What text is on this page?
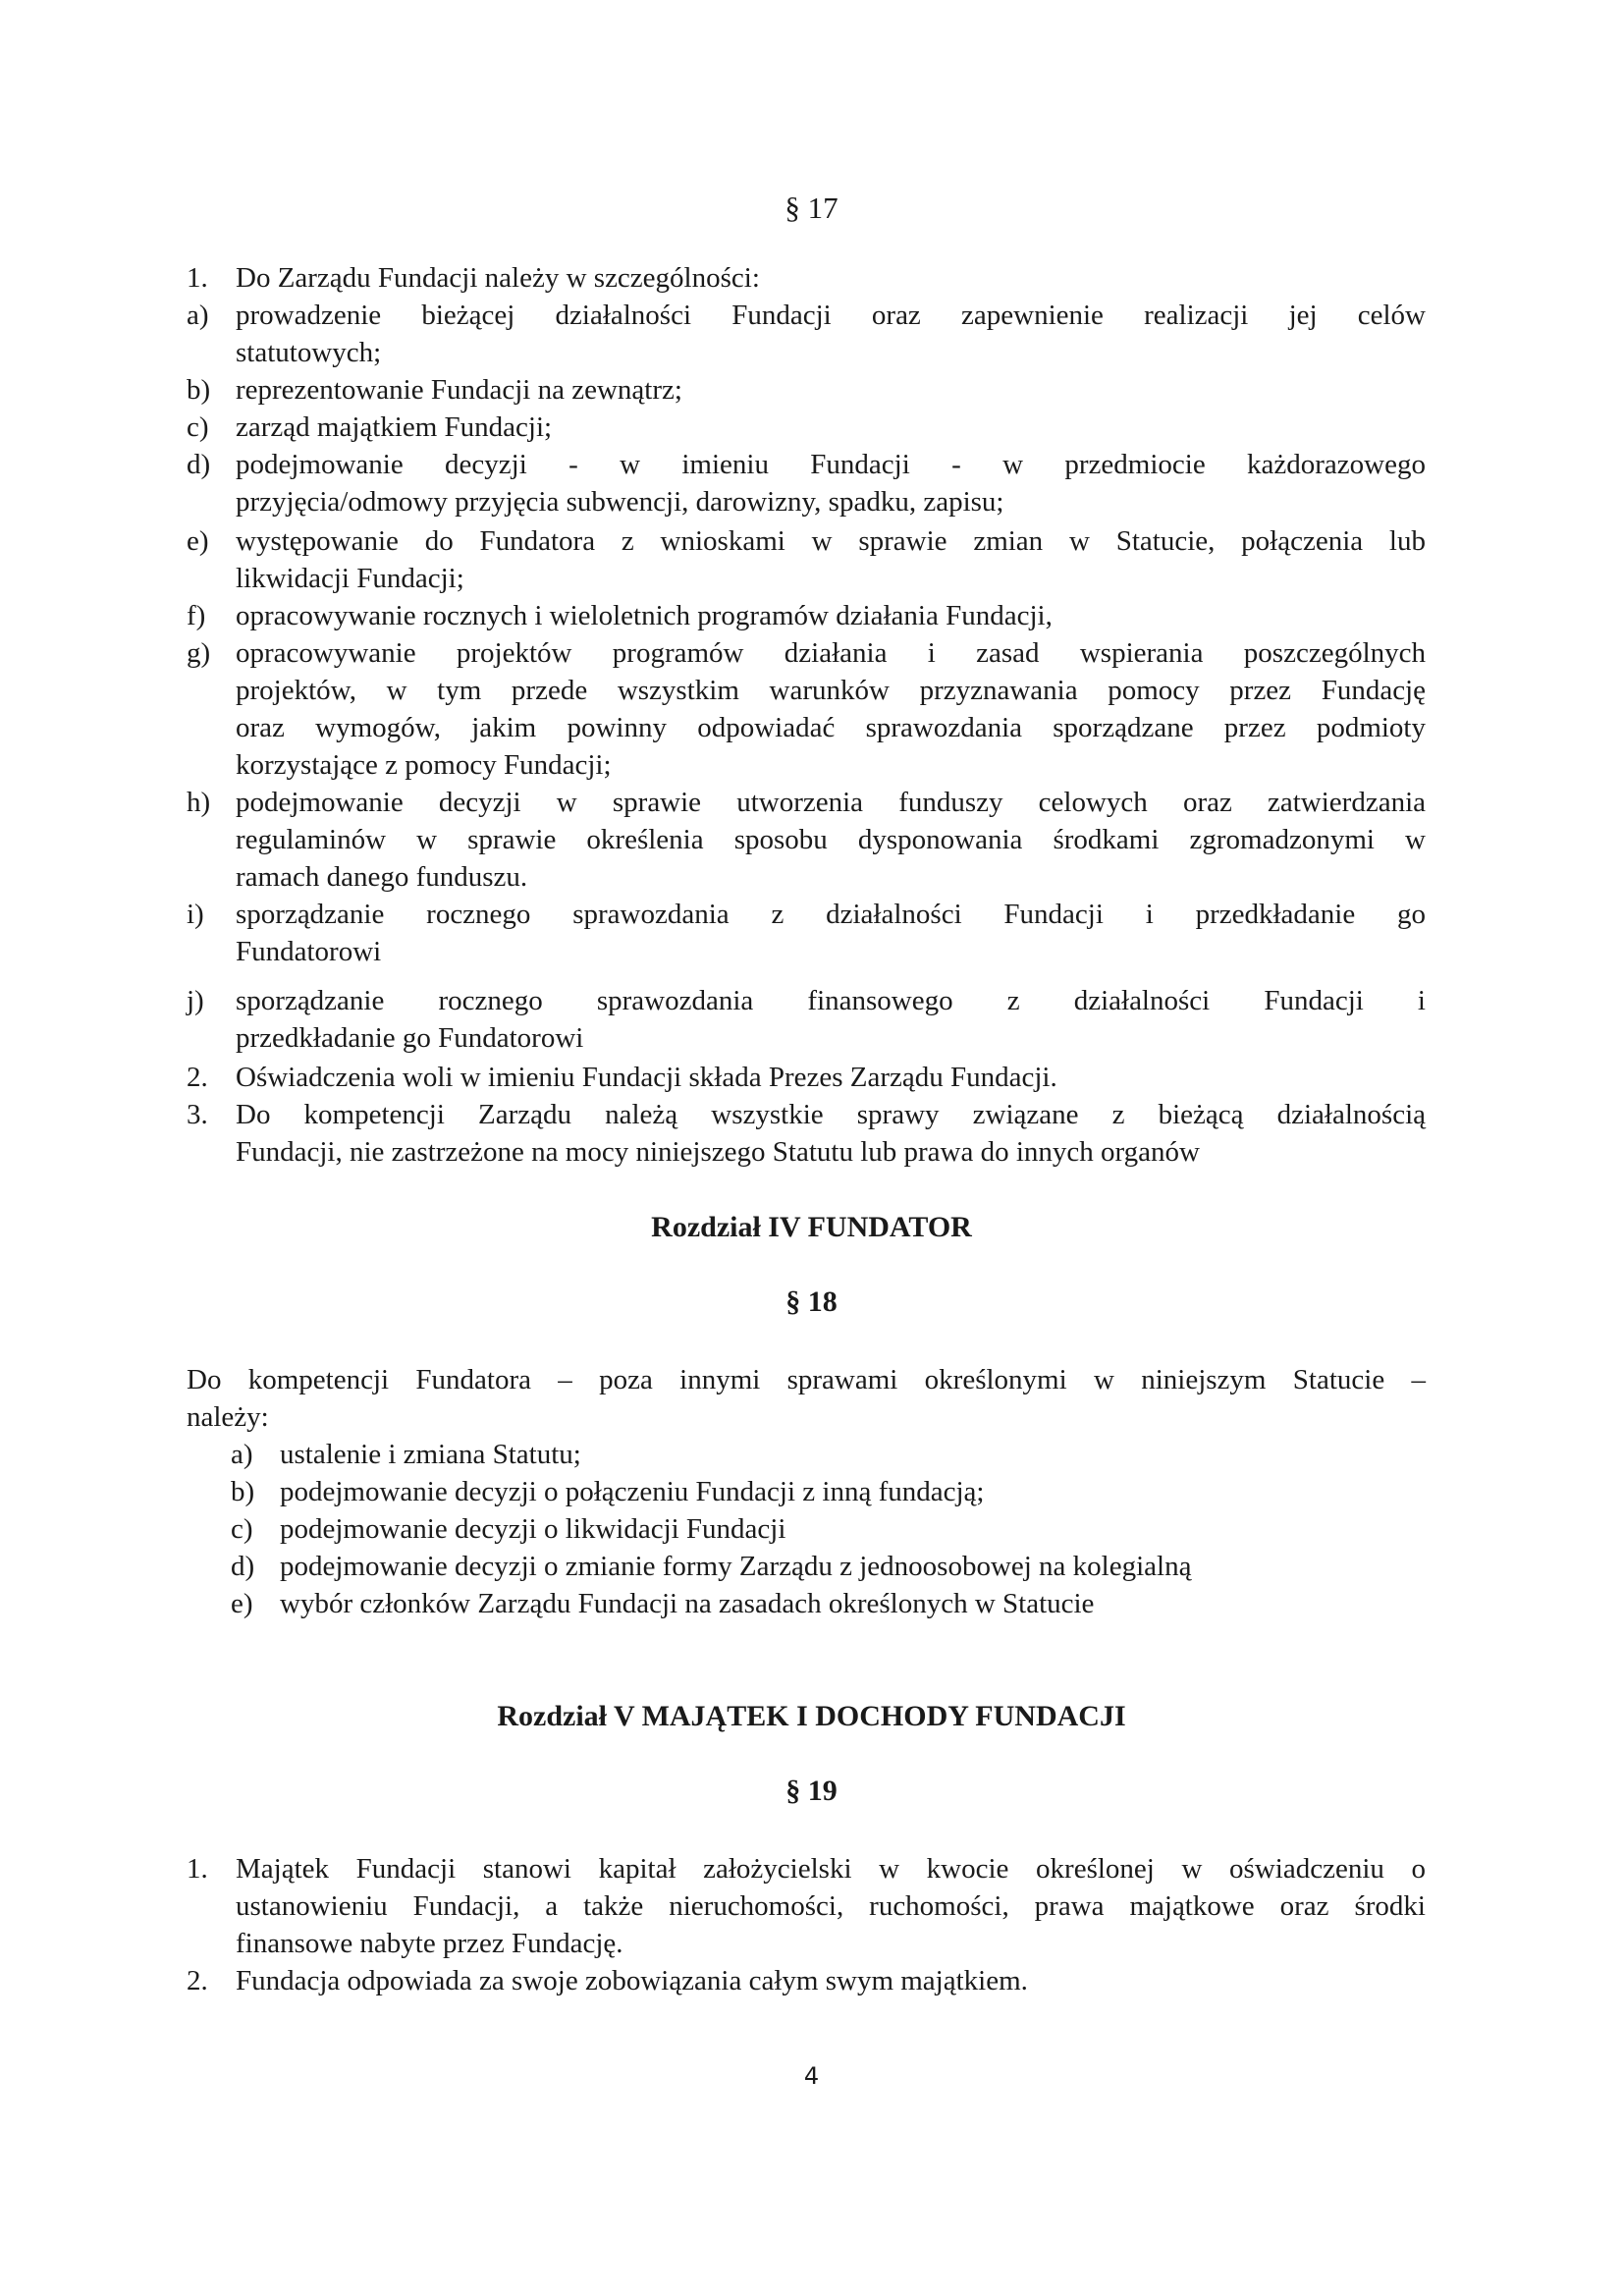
§ 17
1. Do Zarządu Fundacji należy w szczególności:
a) prowadzenie bieżącej działalności Fundacji oraz zapewnienie realizacji jej celów
statutowych;
b) reprezentowanie Fundacji na zewnątrz;
c) zarząd majątkiem Fundacji;
d) podejmowanie decyzji - w imieniu Fundacji - w przedmiocie każdorazowego
przyjęcia/odmowy przyjęcia subwencji, darowizny, spadku, zapisu;
e) występowanie do Fundatora z wnioskami w sprawie zmian w Statucie, połączenia lub
likwidacji Fundacji;
f) opracowywanie rocznych i wieloletnich programów działania Fundacji,
g) opracowywanie projektów programów działania i zasad wspierania poszczególnych
projektów, w tym przede wszystkim warunków przyznawania pomocy przez Fundację
oraz wymogów, jakim powinny odpowiadać sprawozdania sporządzane przez podmioty
korzystające z pomocy Fundacji;
h) podejmowanie decyzji w sprawie utworzenia funduszy celowych oraz zatwierdzania
regulaminów w sprawie określenia sposobu dysponowania środkami zgromadzonymi w
ramach danego funduszu.
i) sporządzanie rocznego sprawozdania z działalności Fundacji i przedkładanie go
Fundatorowi
j) sporządzanie rocznego sprawozdania finansowego z działalności Fundacji i
przedkładanie go Fundatorowi
2. Oświadczenia woli w imieniu Fundacji składa Prezes Zarządu Fundacji.
3. Do kompetencji Zarządu należą wszystkie sprawy związane z bieżącą działalnością
Fundacji, nie zastrzeżone na mocy niniejszego Statutu lub prawa do innych organów
Rozdział IV FUNDATOR
§ 18
Do kompetencji Fundatora – poza innymi sprawami określonymi w niniejszym Statucie –
należy:
a) ustalenie i zmiana Statutu;
b) podejmowanie decyzji o połączeniu Fundacji z inną fundacją;
c) podejmowanie decyzji o likwidacji Fundacji
d) podejmowanie decyzji o zmianie formy Zarządu z jednoosobowej na kolegialną
e) wybór członków Zarządu Fundacji na zasadach określonych w Statucie
Rozdział V MAJĄTEK I DOCHODY FUNDACJI
§ 19
1. Majątek Fundacji stanowi kapitał założycielski w kwocie określonej w oświadczeniu o
ustanowieniu Fundacji, a także nieruchomości, ruchomości, prawa majątkowe oraz środki
finansowe nabyte przez Fundację.
2. Fundacja odpowiada za swoje zobowiązania całym swym majątkiem.
4
